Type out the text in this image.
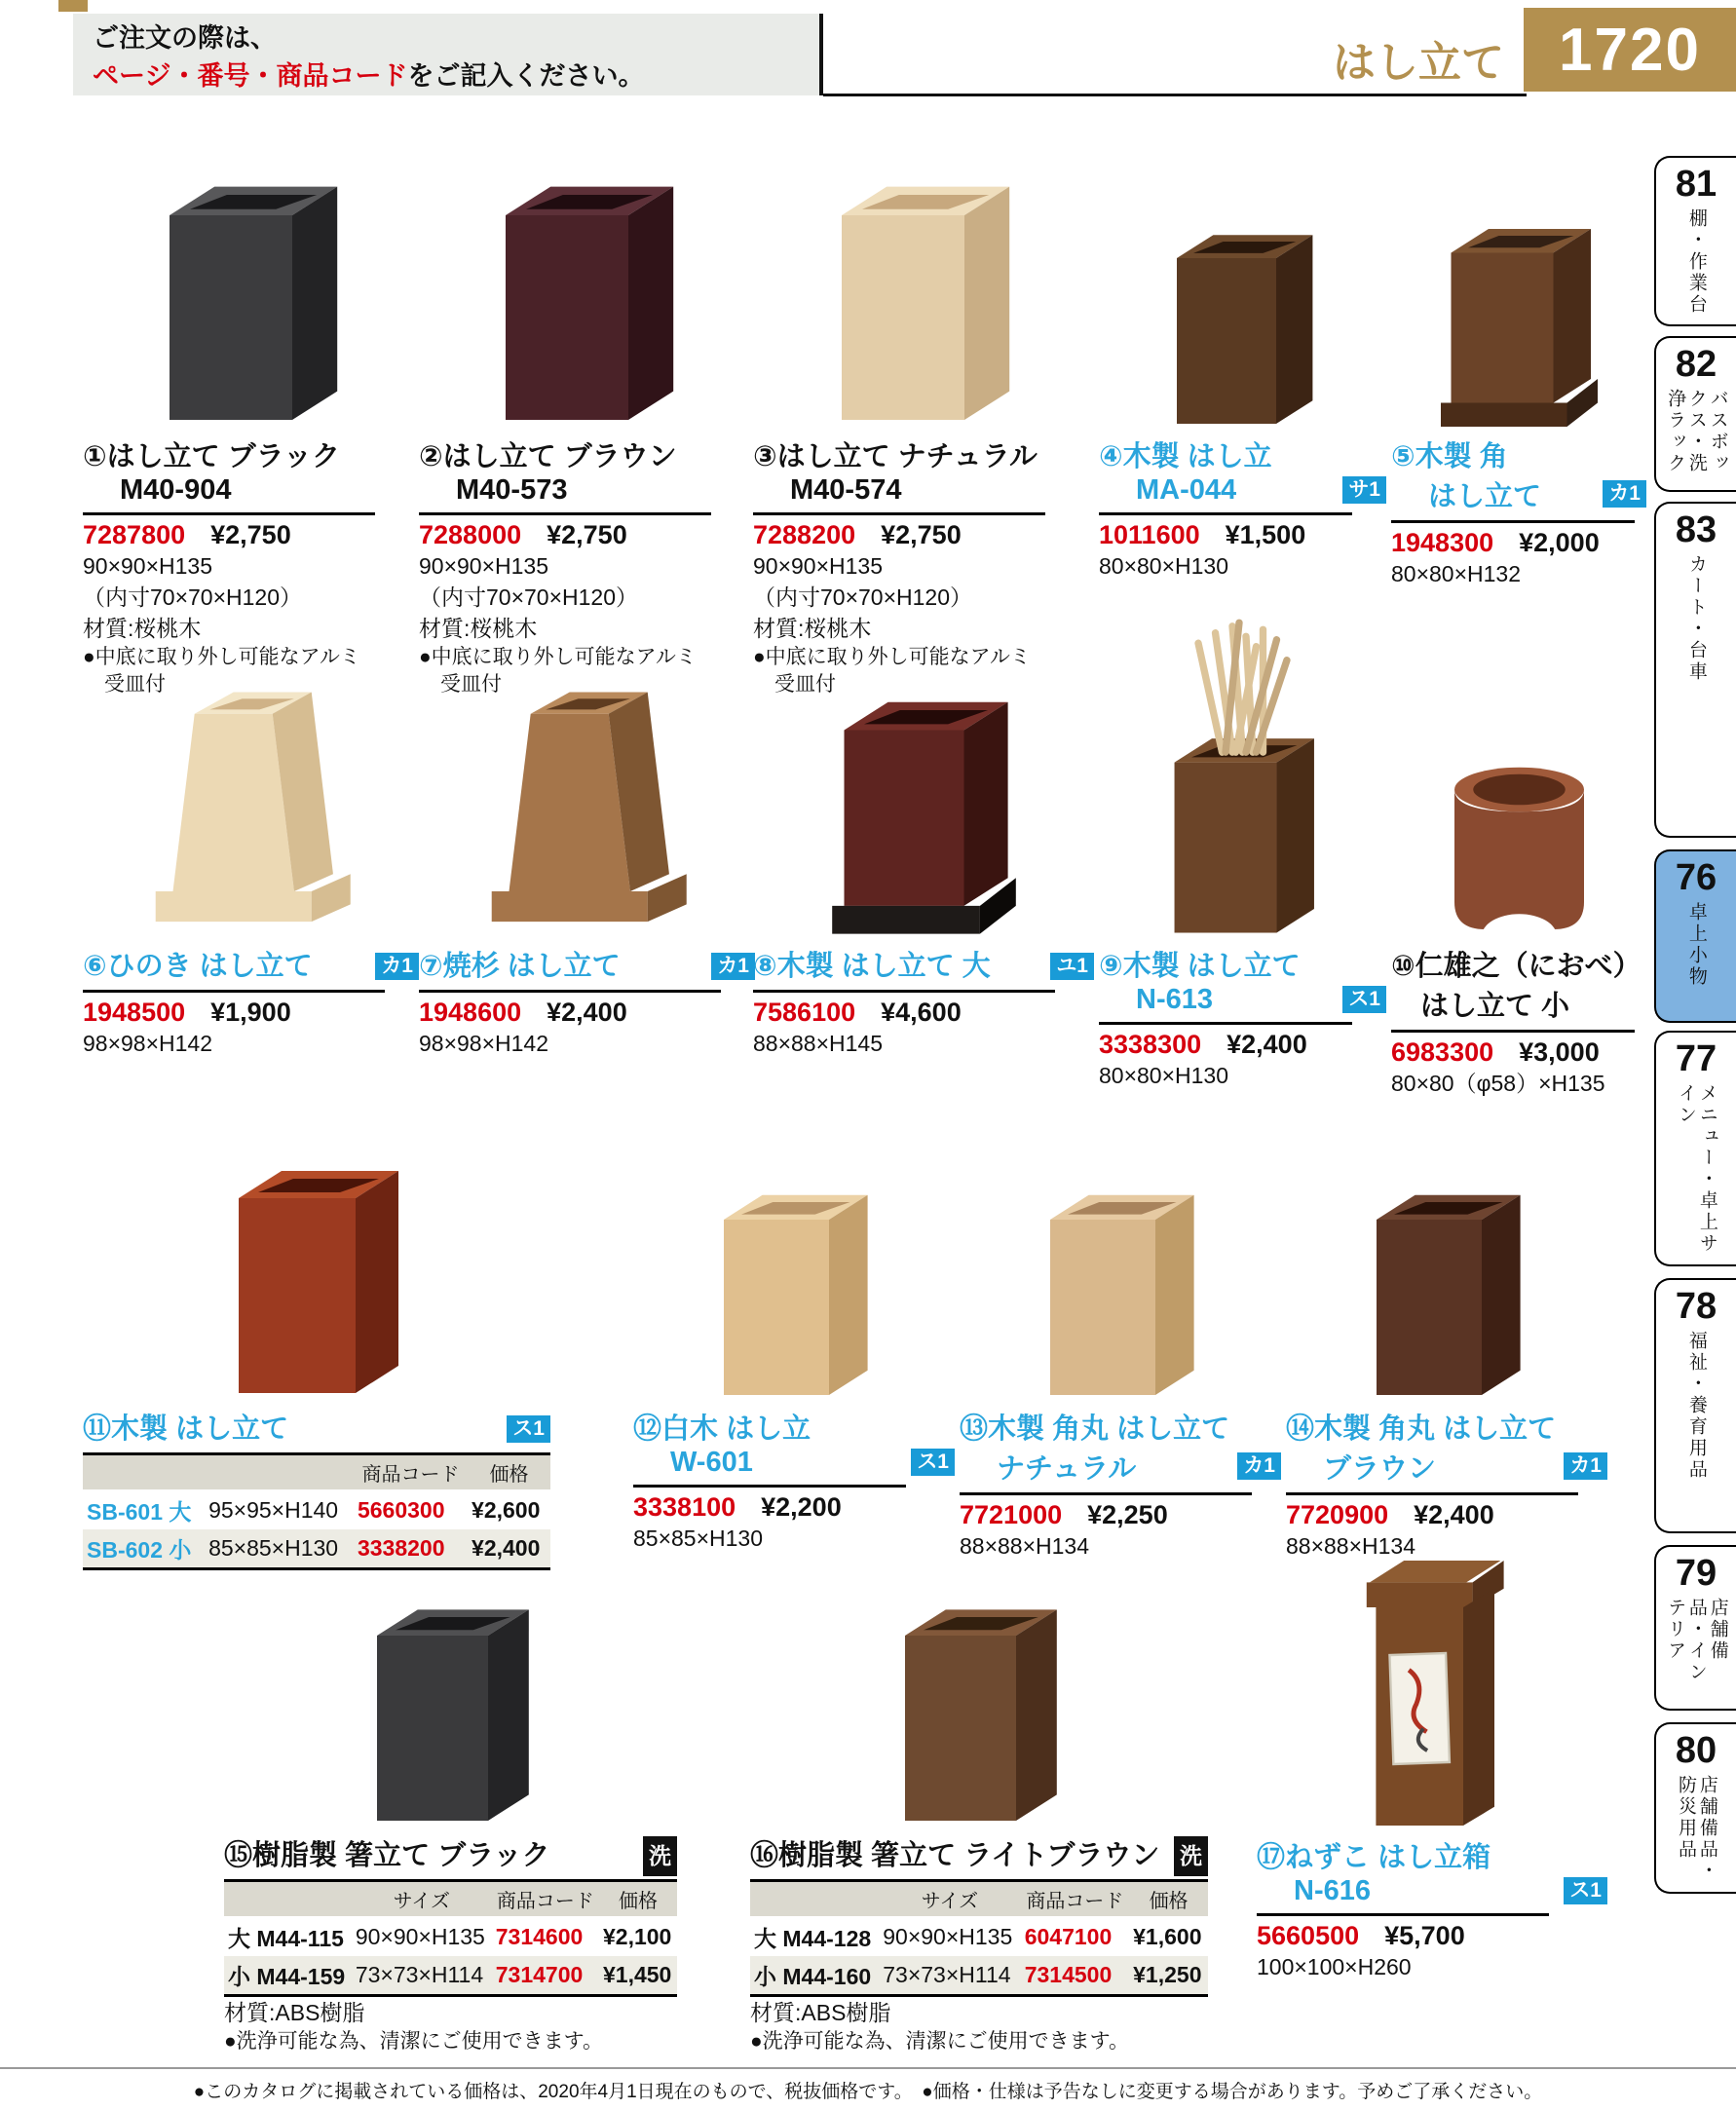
ご注文の際は、
ページ・番号・商品コードをご記入ください。	はし立て 1720
81
棚・作業台
82
バスボックス・洗浄ラック
83
カート・台車
76
卓上小物
77
メニュー・卓上サイン
78
福祉・養育用品
79
店舗備品・インテリア
80
店舗備品・防災用品
①はし立て ブラック
M40-904
7287800 ¥2,750
90×90×H135
（内寸70×70×H120）
材質:桜桃木
●中底に取り外し可能なアルミ
受皿付
②はし立て ブラウン
M40-573
7288000 ¥2,750
90×90×H135
（内寸70×70×H120）
材質:桜桃木
●中底に取り外し可能なアルミ
受皿付
③はし立て ナチュラル
M40-574
7288200 ¥2,750
90×90×H135
（内寸70×70×H120）
材質:桜桃木
●中底に取り外し可能なアルミ
受皿付
④木製 はし立
MA-044	サ1
1011600 ¥1,500
80×80×H130
⑤木製 角
はし立て	カ1
1948300 ¥2,000
80×80×H132
⑥ひのき はし立て	カ1
1948500 ¥1,900
98×98×H142
⑦焼杉 はし立て	カ1
1948600 ¥2,400
98×98×H142
⑧木製 はし立て 大	ユ1
7586100 ¥4,600
88×88×H145
⑨木製 はし立て
N-613	ス1
3338300 ¥2,400
80×80×H130
⑩仁雄之（におべ）
はし立て 小
6983300 ¥3,000
80×80（φ58）×H135
⑪木製 はし立て	ス1
		商品コード	価格
SB-601 大	95×95×H140	5660300	¥2,600
SB-602 小	85×85×H130	3338200	¥2,400
⑫白木 はし立
W-601	ス1
3338100 ¥2,200
85×85×H130
⑬木製 角丸 はし立て
ナチュラル	カ1
7721000 ¥2,250
88×88×H134
⑭木製 角丸 はし立て
ブラウン	カ1
7720900 ¥2,400
88×88×H134
⑮樹脂製 箸立て ブラック	洗
	サイズ	商品コード	価格
大 M44-115	90×90×H135	7314600	¥2,100
小 M44-159	73×73×H114	7314700	¥1,450
材質:ABS樹脂
●洗浄可能な為、清潔にご使用できます。
⑯樹脂製 箸立て ライトブラウン 洗
	サイズ	商品コード	価格
大 M44-128	90×90×H135	6047100	¥1,600
小 M44-160	73×73×H114	7314500	¥1,250
材質:ABS樹脂
●洗浄可能な為、清潔にご使用できます。
⑰ねずこ はし立箱
N-616	ス1
5660500 ¥5,700
100×100×H260
●このカタログに掲載されている価格は、2020年4月1日現在のもので、税抜価格です。　 ●価格・仕様は予告なしに変更する場合があります。予めご了承ください。
